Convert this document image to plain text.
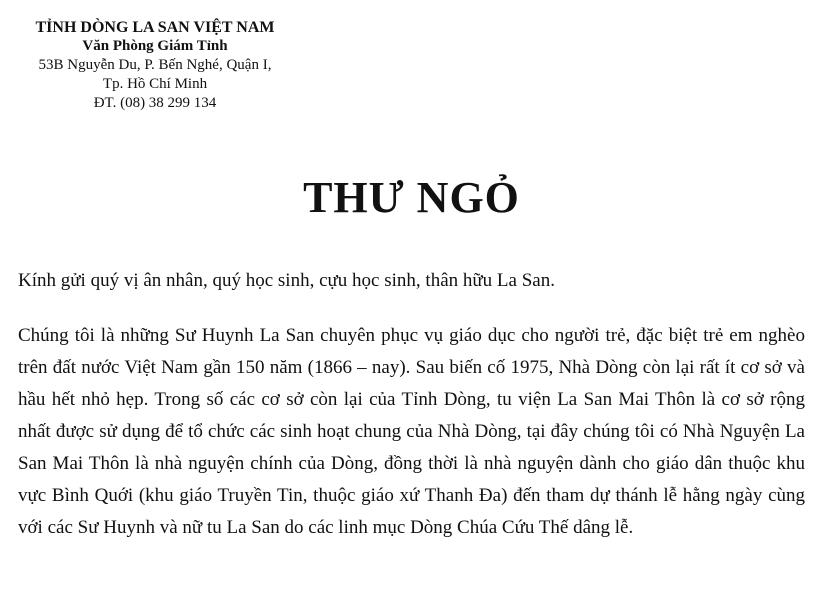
TỈNH DÒNG LA SAN VIỆT NAM
Văn Phòng Giám Tỉnh
53B Nguyễn Du, P. Bến Nghé, Quận I,
Tp. Hồ Chí Minh
ĐT. (08) 38 299 134
THƯ NGỎ
Kính gửi quý vị ân nhân, quý học sinh, cựu học sinh, thân hữu La San.
Chúng tôi là những Sư Huynh La San chuyên phục vụ giáo dục cho người trẻ, đặc biệt trẻ em nghèo trên đất nước Việt Nam gần 150 năm (1866 – nay). Sau biến cố 1975, Nhà Dòng còn lại rất ít cơ sở và hầu hết nhỏ hẹp. Trong số các cơ sở còn lại của Tỉnh Dòng, tu viện La San Mai Thôn là cơ sở rộng nhất được sử dụng để tổ chức các sinh hoạt chung của Nhà Dòng, tại đây chúng tôi có Nhà Nguyện La San Mai Thôn là nhà nguyện chính của Dòng, đồng thời là nhà nguyện dành cho giáo dân thuộc khu vực Bình Quới (khu giáo Truyền Tin, thuộc giáo xứ Thanh Đa) đến tham dự thánh lễ hằng ngày cùng với các Sư Huynh và nữ tu La San do các linh mục Dòng Chúa Cứu Thế dâng lễ.
